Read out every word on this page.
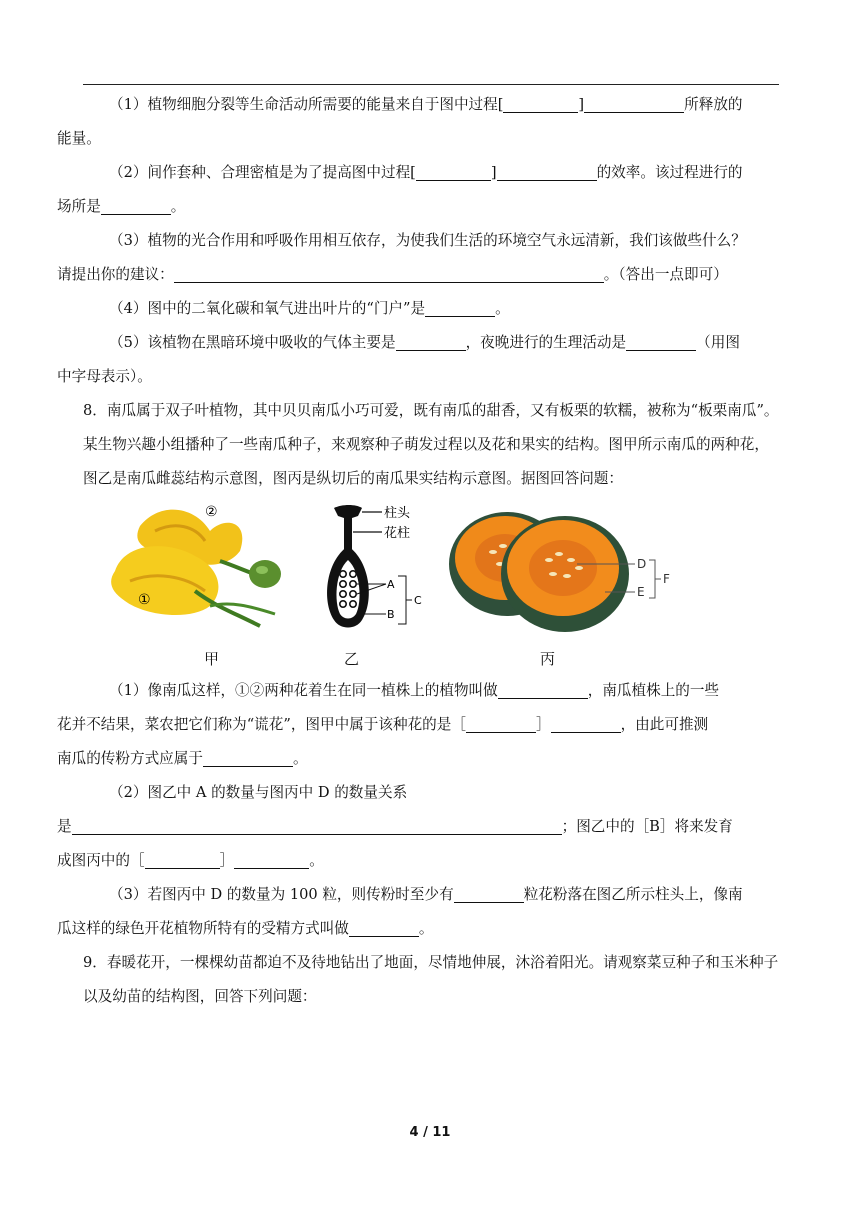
（1）植物细胞分裂等生命活动所需要的能量来自于图中过程[	]	所释放的
能量。

（2）间作套种、合理密植是为了提高图中过程[	]	的效率。该过程进行的
场所是	。

（3）植物的光合作用和呼吸作用相互依存，为使我们生活的环境空气永远清新，我们该做些什么？
请提出你的建议：	。（答出一点即可）

（4）图中的二氧化碳和氧气进出叶片的“门户”是	。

（5）该植物在黑暗环境中吸收的气体主要是	，夜晚进行的生理活动是	（用图
中字母表示）。

8．南瓜属于双子叶植物，其中贝贝南瓜小巧可爱，既有南瓜的甜香，又有板栗的软糯，被称为“板栗南瓜”。某生物兴趣小组播种了一些南瓜种子，来观察种子萌发过程以及花和果实的结构。图甲所示南瓜的两种花，图乙是南瓜雌蕊结构示意图，图丙是纵切后的南瓜果实结构示意图。据图回答问题：

②
①
甲
柱头
花柱
A
B
C
乙
D
E
F
丙

（1）像南瓜这样，①②两种花着生在同一植株上的植物叫做	，南瓜植株上的一些
花并不结果，菜农把它们称为“谎花”，图甲中属于该种花的是［	］	，由此可推测
南瓜的传粉方式应属于	。

（2）图乙中 A 的数量与图丙中 D 的数量关系
是	；图乙中的［B］将来发育
成图丙中的［	］	。

（3）若图丙中 D 的数量为 100 粒，则传粉时至少有	粒花粉落在图乙所示柱头上，像南
瓜这样的绿色开花植物所特有的受精方式叫做	。

9．春暖花开，一棵棵幼苗都迫不及待地钻出了地面，尽情地伸展，沐浴着阳光。请观察菜豆种子和玉米种子以及幼苗的结构图，回答下列问题：

4 / 11
